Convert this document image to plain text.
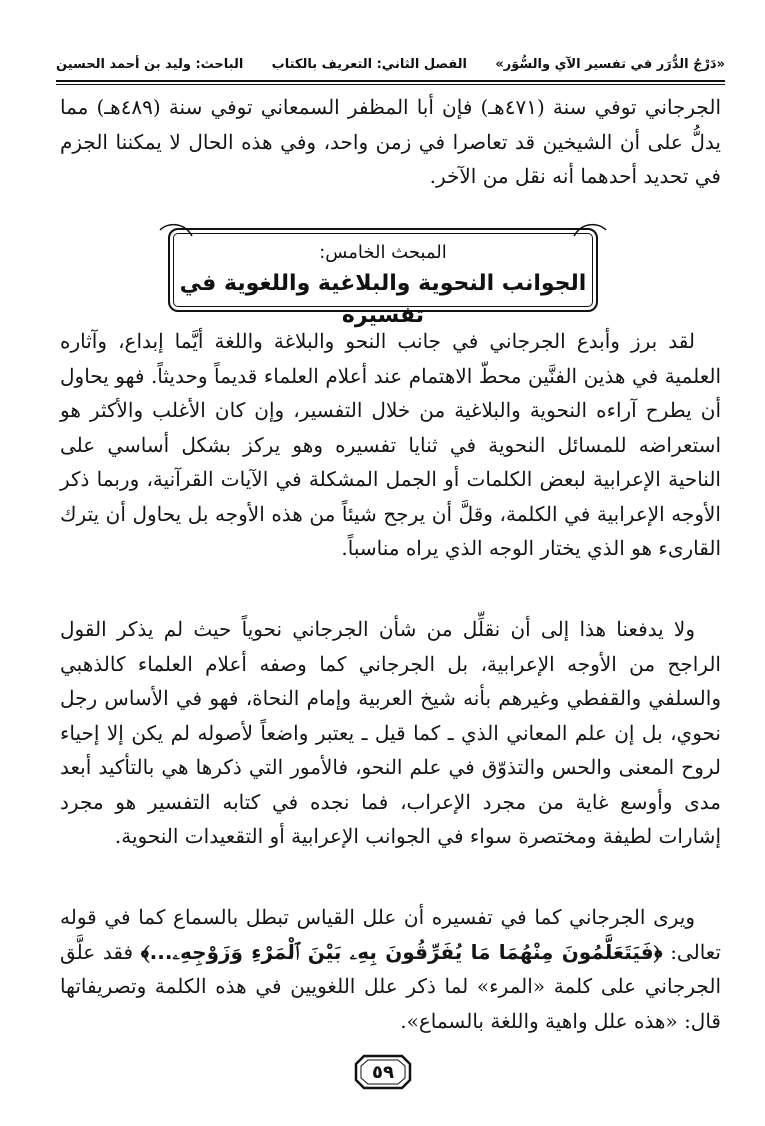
«دَرْجُ الدُّرَر في تفسير الآي والسُّوَر»
الفصل الثاني: التعريف بالكتاب
الباحث: وليد بن أحمد الحسين

الجرجاني توفي سنة (٤٧١هـ) فإن أبا المظفر السمعاني توفي سنة (٤٨٩هـ) مما يدلُّ على أن الشيخين قد تعاصرا في زمن واحد، وفي هذه الحال لا يمكننا الجزم في تحديد أحدهما أنه نقل من الآخر.

المبحث الخامس:
الجوانب النحوية والبلاغية واللغوية في تفسيره

لقد برز وأبدع الجرجاني في جانب النحو والبلاغة واللغة أيَّما إبداع، وآثاره العلمية في هذين الفنَّين محطّ الاهتمام عند أعلام العلماء قديماً وحديثاً. فهو يحاول أن يطرح آراءه النحوية والبلاغية من خلال التفسير، وإن كان الأغلب والأكثر هو استعراضه للمسائل النحوية في ثنايا تفسيره وهو يركز بشكل أساسي على الناحية الإعرابية لبعض الكلمات أو الجمل المشكلة في الآيات القرآنية، وربما ذكر الأوجه الإعرابية في الكلمة، وقلَّ أن يرجح شيئاً من هذه الأوجه بل يحاول أن يترك القارىء هو الذي يختار الوجه الذي يراه مناسباً.

ولا يدفعنا هذا إلى أن نقلِّل من شأن الجرجاني نحوياً حيث لم يذكر القول الراجح من الأوجه الإعرابية، بل الجرجاني كما وصفه أعلام العلماء كالذهبي والسلفي والقفطي وغيرهم بأنه شيخ العربية وإمام النحاة، فهو في الأساس رجل نحوي، بل إن علم المعاني الذي ـ كما قيل ـ يعتبر واضعاً لأصوله لم يكن إلا إحياء لروح المعنى والحس والتذوّق في علم النحو، فالأمور التي ذكرها هي بالتأكيد أبعد مدى وأوسع غاية من مجرد الإعراب، فما نجده في كتابه التفسير هو مجرد إشارات لطيفة ومختصرة سواء في الجوانب الإعرابية أو التقعيدات النحوية.

ويرى الجرجاني كما في تفسيره أن علل القياس تبطل بالسماع كما في قوله تعالى: ﴿فَيَتَعَلَّمُونَ مِنْهُمَا مَا يُفَرِّقُونَ بِهِۦ بَيْنَ ٱلْمَرْءِ وَزَوْجِهِۦ...﴾ فقد علَّق الجرجاني على كلمة «المرء» لما ذكر علل اللغويين في هذه الكلمة وتصريفاتها قال: «هذه علل واهية واللغة بالسماع».

٥٩
